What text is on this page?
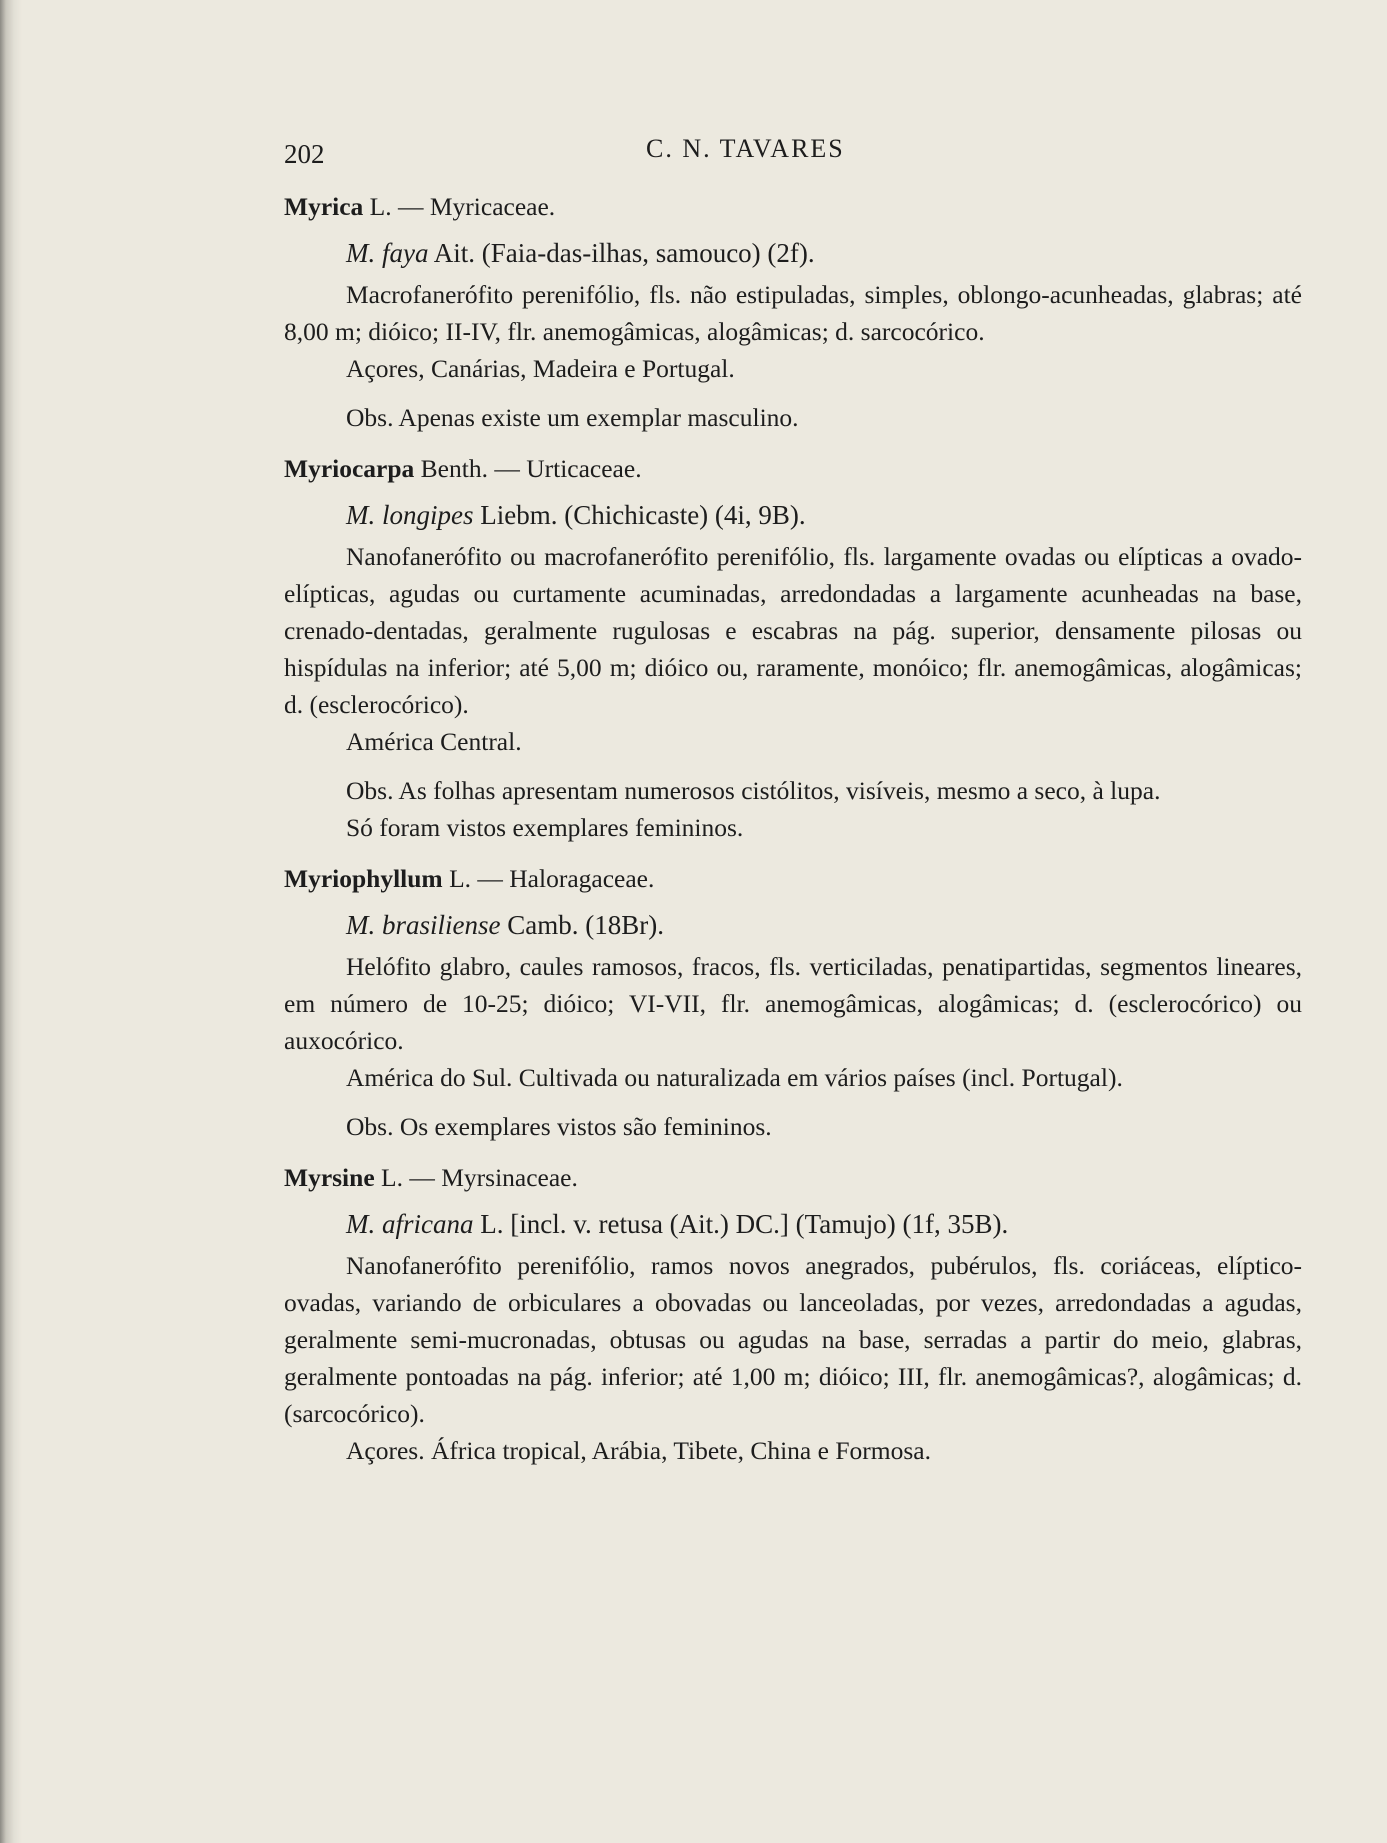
202	C. N. TAVARES
Myrica L. — Myricaceae.
M. faya Ait. (Faia-das-ilhas, samouco) (2f).
Macrofanerófito perenifólio, fls. não estipuladas, simples, oblongo-acunheadas, glabras; até 8,00 m; dióico; II-IV, flr. anemogâmicas, alogâmicas; d. sarcocórico.
Açores, Canárias, Madeira e Portugal.
Obs. Apenas existe um exemplar masculino.
Myriocarpa Benth. — Urticaceae.
M. longipes Liebm. (Chichicaste) (4i, 9B).
Nanofanerófito ou macrofanerófito perenifólio, fls. largamente ovadas ou elípticas a ovado-elípticas, agudas ou curtamente acuminadas, arredondadas a largamente acunheadas na base, crenado-dentadas, geralmente rugulosas e escabras na pág. superior, densamente pilosas ou hispídulas na inferior; até 5,00 m; dióico ou, raramente, monóico; flr. anemogâmicas, alogâmicas; d. (esclerocórico).
América Central.
Obs. As folhas apresentam numerosos cistólitos, visíveis, mesmo a seco, à lupa.
Só foram vistos exemplares femininos.
Myriophyllum L. — Haloragaceae.
M. brasiliense Camb. (18Br).
Helófito glabro, caules ramosos, fracos, fls. verticiladas, penatipartidas, segmentos lineares, em número de 10-25; dióico; VI-VII, flr. anemogâmicas, alogâmicas; d. (esclerocórico) ou auxocórico.
América do Sul. Cultivada ou naturalizada em vários países (incl. Portugal).
Obs. Os exemplares vistos são femininos.
Myrsine L. — Myrsinaceae.
M. africana L. [incl. v. retusa (Ait.) DC.] (Tamujo) (1f, 35B).
Nanofanerófito perenifólio, ramos novos anegrados, pubérulos, fls. coriáceas, elíptico-ovadas, variando de orbiculares a obovadas ou lanceoladas, por vezes, arredondadas a agudas, geralmente semi-mucronadas, obtusas ou agudas na base, serradas a partir do meio, glabras, geralmente pontoadas na pág. inferior; até 1,00 m; dióico; III, flr. anemogâmicas?, alogâmicas; d. (sarcocórico).
Açores. África tropical, Arábia, Tibete, China e Formosa.
